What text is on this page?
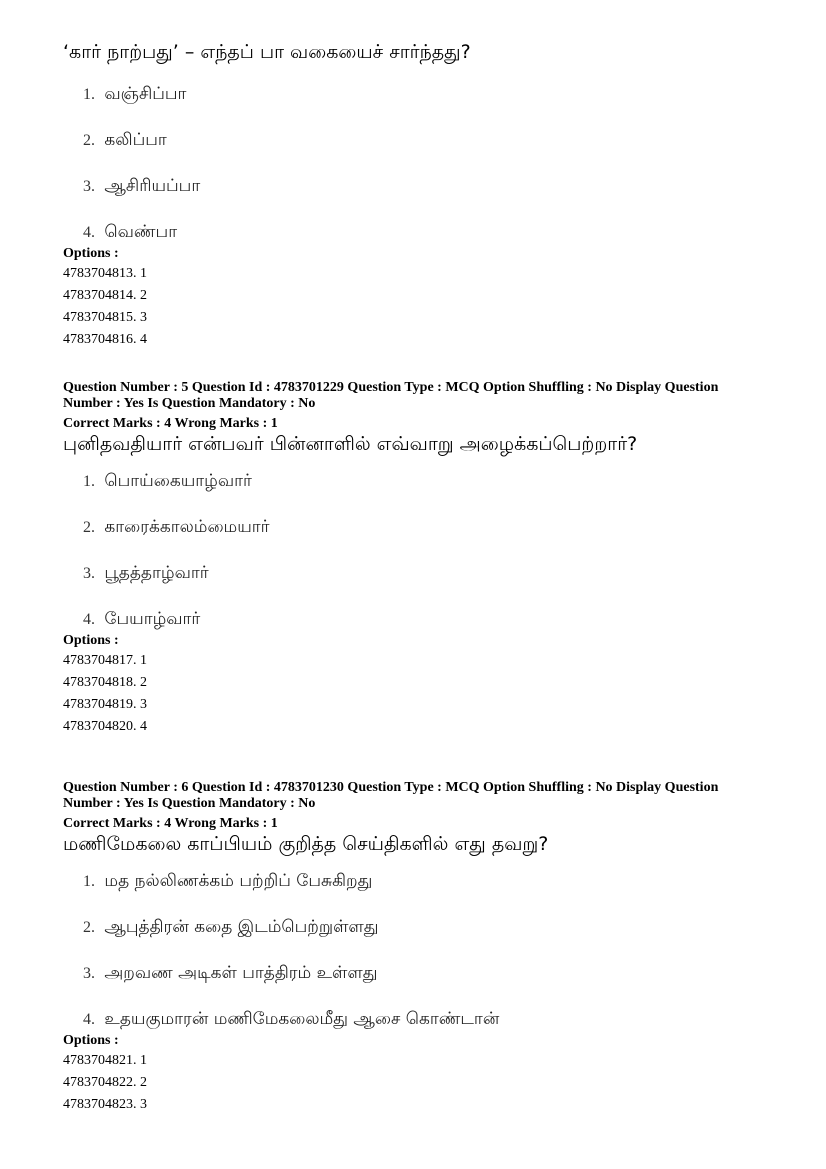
‘கார் நாற்பது’ – எந்தப் பா வகையைச் சார்ந்தது?

1. வஞ்சிப்பா
2. கலிப்பா
3. ஆசிரியப்பா
4. வெண்பா

Options :

4783704813. 1

4783704814. 2

4783704815. 3

4783704816. 4

Question Number : 5 Question Id : 4783701229 Question Type : MCQ Option Shuffling : No Display Question

Number : Yes Is Question Mandatory : No

Correct Marks : 4 Wrong Marks : 1

புனிதவதியார் என்பவர் பின்னாளில் எவ்வாறு அழைக்கப்பெற்றார்?

1. பொய்கையாழ்வார்
2. காரைக்காலம்மையார்
3. பூதத்தாழ்வார்
4. பேயாழ்வார்

Options :

4783704817. 1

4783704818. 2

4783704819. 3

4783704820. 4

Question Number : 6 Question Id : 4783701230 Question Type : MCQ Option Shuffling : No Display Question

Number : Yes Is Question Mandatory : No

Correct Marks : 4 Wrong Marks : 1

மணிமேகலை காப்பியம் குறித்த செய்திகளில் எது தவறு?

1. மத நல்லிணக்கம் பற்றிப் பேசுகிறது
2. ஆபுத்திரன் கதை இடம்பெற்றுள்ளது
3. அறவண அடிகள் பாத்திரம் உள்ளது
4. உதயகுமாரன் மணிமேகலைமீது ஆசை கொண்டான்

Options :

4783704821. 1

4783704822. 2

4783704823. 3
